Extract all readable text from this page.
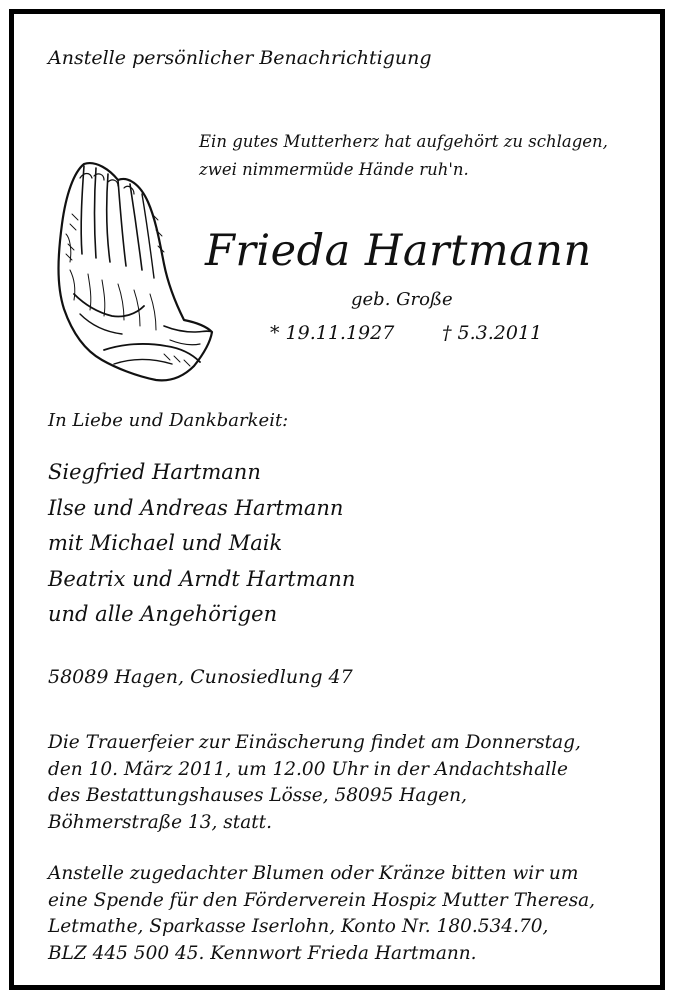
Anstelle persönlicher Benachrichtigung
Ein gutes Mutterherz hat aufgehört zu schlagen,
zwei nimmermüde Hände ruh'n.
Frieda Hartmann
geb. Große
* 19.11.1927	† 5.3.2011
In Liebe und Dankbarkeit:
Siegfried Hartmann
Ilse und Andreas Hartmann
mit Michael und Maik
Beatrix und Arndt Hartmann
und alle Angehörigen
58089 Hagen, Cunosiedlung 47
Die Trauerfeier zur Einäscherung findet am Donnerstag,
den 10. März 2011, um 12.00 Uhr in der Andachtshalle
des Bestattungshauses Lösse, 58095 Hagen,
Böhmerstraße 13, statt.
Anstelle zugedachter Blumen oder Kränze bitten wir um
eine Spende für den Förderverein Hospiz Mutter Theresa,
Letmathe, Sparkasse Iserlohn, Konto Nr. 180.534.70,
BLZ 445 500 45. Kennwort Frieda Hartmann.
